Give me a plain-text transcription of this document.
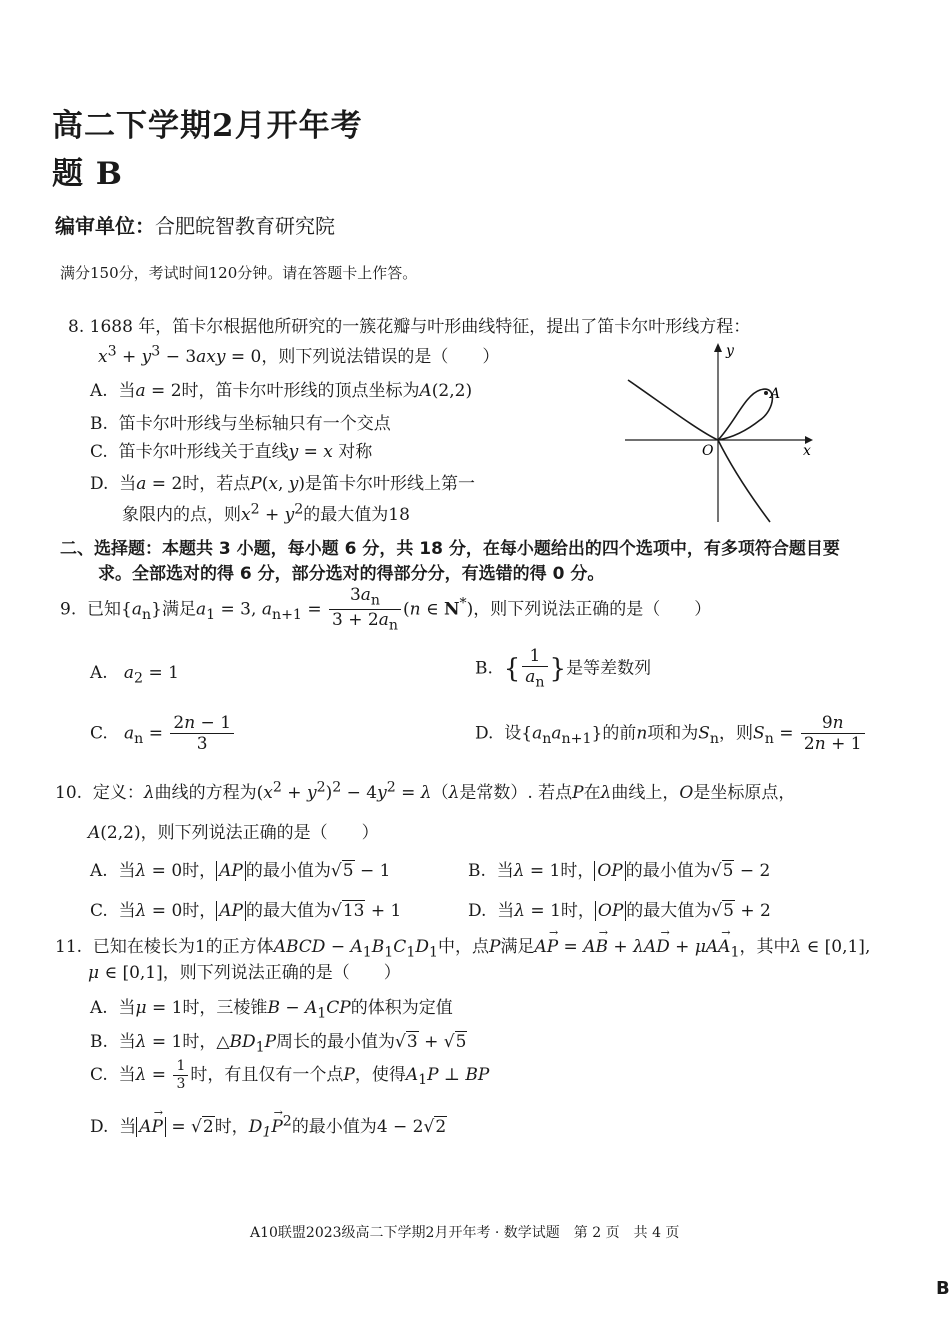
高二下学期2月开年考
题 B
编审单位：合肥皖智教育研究院
满分150分，考试时间120分钟。请在答题卡上作答。
8. 1688 年，笛卡尔根据他所研究的一簇花瓣与叶形曲线特征，提出了笛卡尔叶形线方程：
$x^3 + y^3 - 3axy = 0$，则下列说法错误的是（　　）
A. 当a = 2时，笛卡尔叶形线的顶点坐标为A(2,2)
B. 笛卡尔叶形线与坐标轴只有一个交点
C. 笛卡尔叶形线关于直线y = x 对称
D. 当a = 2时，若点P(x, y)是笛卡尔叶形线上第一
象限内的点，则$x^2 + y^2$的最大值为18
A
O	x
y
二、选择题：本题共 3 小题，每小题 6 分，共 18 分，在每小题给出的四个选项中，有多项符合题目要
求。全部选对的得 6 分，部分选对的得部分分，有选错的得 0 分。
9. 已知$\{a_n\}$满足$a_1 = 3$, $a_{n+1} = \frac{3a_n}{3 + 2a_n} (n$ ∈ N*)，则下列说法正确的是（　　）
A. $a_2 = 1$	B. { $\frac{1}{a_n}$ }是等差数列
C. $a_n = \frac{2n - 1}{3}$	D. 设$\{a_na_{n+1}\}$的前n项和为$S_n$，则$S_n = \frac{9n}{2n + 1}$
10. 定义：λ曲线的方程为$(x^2 + y^2)^2 - 4y^2 = \lambda(\lambda$是常数）. 若点P在λ曲线上，O是坐标原点，
A(2,2)，则下列说法正确的是（　　）
A. 当λ = 0时， AP 的最小值为√5 − 1	B. 当λ = 1时， OP 的最小值为√5 − 2
C. 当λ = 0时， AP 的最大值为√13 + 1	D. 当λ = 1时， OP 的最大值为√5 + 2
11. 已知在棱长为1的正方体ABCD − $A_1B_1C_1D_1$中，点P满足→ AP = → AB + λ→ AD + $\mu\to AA_1$，其中λ ∈ [0,1],
μ ∈ [0,1]，则下列说法正确的是（　　）
A. 当μ = 1时，三棱锥$B - A_1CP$的体积为定值
B. 当λ = 1时，$\triangle BD_1P$周长的最小值为√3 + √5
C. 当$\lambda = \frac{1}{3}$ 时，有且仅有一个点P，使得$A_1P$ ⊥ BP
D. 当→ AP = √2时，→ $D_1P^2$的最小值为4 − 2√2
A10联盟2023级高二下学期2月开年考 · 数学试题　第 2 页　共 4 页
B
